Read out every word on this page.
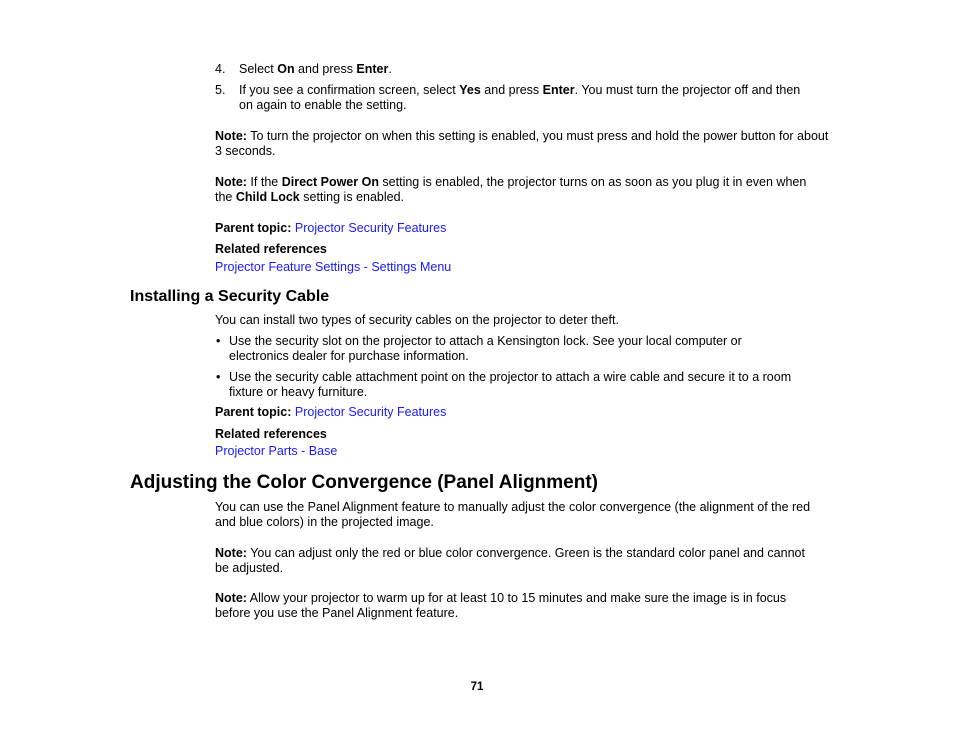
4.	Select On and press Enter.
5.	If you see a confirmation screen, select Yes and press Enter. You must turn the projector off and then on again to enable the setting.
Note: To turn the projector on when this setting is enabled, you must press and hold the power button for about 3 seconds.
Note: If the Direct Power On setting is enabled, the projector turns on as soon as you plug it in even when the Child Lock setting is enabled.
Parent topic: Projector Security Features
Related references
Projector Feature Settings - Settings Menu
Installing a Security Cable
You can install two types of security cables on the projector to deter theft.
• Use the security slot on the projector to attach a Kensington lock. See your local computer or electronics dealer for purchase information.
• Use the security cable attachment point on the projector to attach a wire cable and secure it to a room fixture or heavy furniture.
Parent topic: Projector Security Features
Related references
Projector Parts - Base
Adjusting the Color Convergence (Panel Alignment)
You can use the Panel Alignment feature to manually adjust the color convergence (the alignment of the red and blue colors) in the projected image.
Note: You can adjust only the red or blue color convergence. Green is the standard color panel and cannot be adjusted.
Note: Allow your projector to warm up for at least 10 to 15 minutes and make sure the image is in focus before you use the Panel Alignment feature.
71
